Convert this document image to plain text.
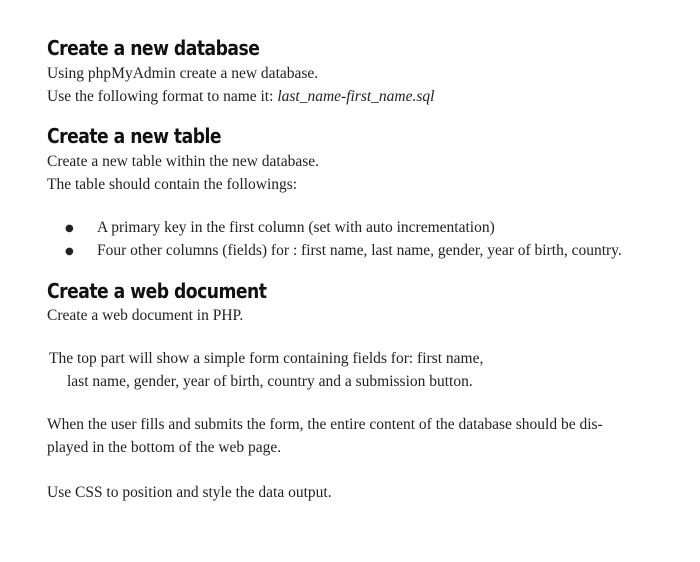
Create a new database

Using phpMyAdmin create a new database.

Use the following format to name it: last_name-first_name.sql

Create a new table

Create a new table within the new database.

The table should contain the followings:

● A primary key in the first column (set with auto incrementation)

● Four other columns (fields) for : first name, last name, gender, year of birth, country.

Create a web document

Create a web document in PHP.

The top part will show a simple form containing fields for: first name,

last name, gender, year of birth, country and a submission button.

When the user fills and submits the form, the entire content of the database should be dis-

played in the bottom of the web page.

Use CSS to position and style the data output.
